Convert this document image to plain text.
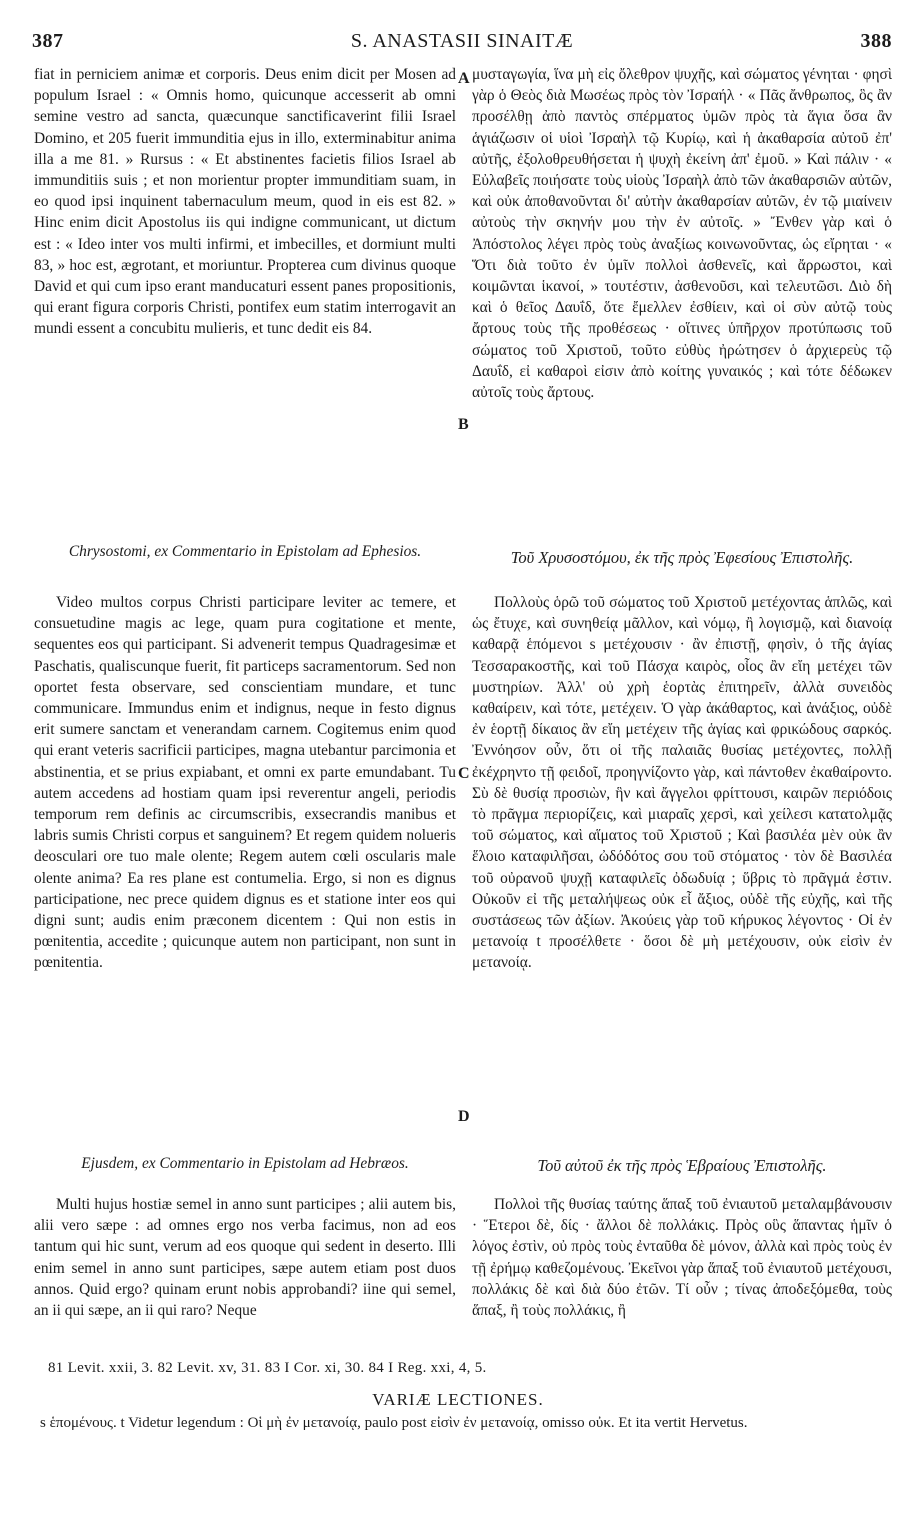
387	S. ANASTASII SINAITÆ	388

fiat in perniciem animæ et corporis. Deus enim dicit per Mosen ad populum Israel : « Omnis homo, quicunque accesserit ab omni semine vestro ad sancta, quæcunque sanctificaverint filii Israel Domino, et 205 fuerit immunditia ejus in illo, exterminabitur anima illa a me 81. » Rursus : « Et abstinentes facietis filios Israel ab immunditiis suis ; et non morientur propter immunditiam suam, in eo quod ipsi inquinent tabernaculum meum, quod in eis est 82. » Hinc enim dicit Apostolus iis qui indigne communicant, ut dictum est : « Ideo inter vos multi infirmi, et imbecilles, et dormiunt multi 83, » hoc est, ægrotant, et moriuntur. Propterea cum divinus quoque David et qui cum ipso erant manducaturi essent panes propositionis, qui erant figura corporis Christi, pontifex eum statim interrogavit an mundi essent a concubitu mulieris, et tunc dedit eis 84.

Chrysostomi, ex Commentario in Epistolam ad Ephesios.

Video multos corpus Christi participare leviter ac temere, et consuetudine magis ac lege, quam pura cogitatione et mente, sequentes eos qui participant. Si advenerit tempus Quadragesimæ et Paschatis, qualiscunque fuerit, fit particeps sacramentorum. Sed non oportet festa observare, sed conscientiam mundare, et tunc communicare. Immundus enim et indignus, neque in festo dignus erit sumere sanctam et venerandam carnem. Cogitemus enim quod qui erant veteris sacrificii participes, magna utebantur parcimonia et abstinentia, et se prius expiabant, et omni ex parte emundabant. Tu autem accedens ad hostiam quam ipsi reverentur angeli, periodis temporum rem definis ac circumscribis, exsecrandis manibus et labris sumis Christi corpus et sanguinem? Et regem quidem nolueris deosculari ore tuo male olente; Regem autem cœli oscularis male olente anima? Ea res plane est contumelia. Ergo, si non es dignus participatione, nec prece quidem dignus es et statione inter eos qui digni sunt; audis enim præconem dicentem : Qui non estis in pœnitentia, accedite ; quicunque autem non participant, non sunt in pœnitentia.

Ejusdem, ex Commentario in Epistolam ad Hebræos.

Multi hujus hostiæ semel in anno sunt participes ; alii autem bis, alii vero sæpe : ad omnes ergo nos verba facimus, non ad eos tantum qui hic sunt, verum ad eos quoque qui sedent in deserto. Illi enim semel in anno sunt participes, sæpe autem etiam post duos annos. Quid ergo? quinam erunt nobis approbandi? iine qui semel, an ii qui sæpe, an ii qui raro? Neque

A
B
C
D

μυσταγωγία, ἵνα μὴ εἰς ὄλεθρον ψυχῆς, καὶ σώματος γένηται · φησὶ γὰρ ὁ Θεὸς διὰ Μωσέως πρὸς τὸν Ἰσραήλ · « Πᾶς ἄνθρωπος, ὃς ἂν προσέλθῃ ἀπὸ παντὸς σπέρματος ὑμῶν πρὸς τὰ ἅγια ὅσα ἂν ἁγιάζωσιν οἱ υἱοὶ Ἰσραὴλ τῷ Κυρίῳ, καὶ ἡ ἀκαθαρσία αὐτοῦ ἐπ' αὐτῆς, ἐξολοθρευθήσεται ἡ ψυχὴ ἐκείνη ἀπ' ἐμοῦ. » Καὶ πάλιν · « Εὐλαβεῖς ποιήσατε τοὺς υἱοὺς Ἰσραὴλ ἀπὸ τῶν ἀκαθαρσιῶν αὐτῶν, καὶ οὐκ ἀποθανοῦνται δι' αὐτὴν ἀκαθαρσίαν αὐτῶν, ἐν τῷ μιαίνειν αὐτοὺς τὴν σκηνήν μου τὴν ἐν αὐτοῖς. » Ἔνθεν γὰρ καὶ ὁ Ἀπόστολος λέγει πρὸς τοὺς ἀναξίως κοινωνοῦντας, ὡς εἴρηται · « Ὅτι διὰ τοῦτο ἐν ὑμῖν πολλοὶ ἀσθενεῖς, καὶ ἄρρωστοι, καὶ κοιμῶνται ἱκανοί, » τουτέστιν, ἀσθενοῦσι, καὶ τελευτῶσι. Διὸ δὴ καὶ ὁ θεῖος Δαυΐδ, ὅτε ἔμελλεν ἐσθίειν, καὶ οἱ σὺν αὐτῷ τοὺς ἄρτους τοὺς τῆς προθέσεως · οἵτινες ὑπῆρχον προτύπωσις τοῦ σώματος τοῦ Χριστοῦ, τοῦτο εὐθὺς ἠρώτησεν ὁ ἀρχιερεὺς τῷ Δαυΐδ, εἰ καθαροὶ εἰσιν ἀπὸ κοίτης γυναικός ; καὶ τότε δέδωκεν αὐτοῖς τοὺς ἄρτους.

Τοῦ Χρυσοστόμου, ἐκ τῆς πρὸς Ἐφεσίους Ἐπιστολῆς.

Πολλοὺς ὁρῶ τοῦ σώματος τοῦ Χριστοῦ μετέχοντας ἁπλῶς, καὶ ὡς ἔτυχε, καὶ συνηθείᾳ μᾶλλον, καὶ νόμῳ, ἢ λογισμῷ, καὶ διανοίᾳ καθαρᾷ ἑπόμενοι s μετέχουσιν · ἂν ἐπιστῇ, φησὶν, ὁ τῆς ἁγίας Τεσσαρακοστῆς, καὶ τοῦ Πάσχα καιρὸς, οἷος ἂν εἴη μετέχει τῶν μυστηρίων. Ἀλλ' οὐ χρὴ ἑορτὰς ἐπιτηρεῖν, ἀλλὰ συνειδὸς καθαίρειν, καὶ τότε, μετέχειν. Ὁ γὰρ ἀκάθαρτος, καὶ ἀνάξιος, οὐδὲ ἐν ἑορτῇ δίκαιος ἂν εἴη μετέχειν τῆς ἁγίας καὶ φρικώδους σαρκός. Ἐννόησον οὖν, ὅτι οἱ τῆς παλαιᾶς θυσίας μετέχοντες, πολλῇ ἐκέχρηντο τῇ φειδοῖ, προηγνίζοντο γὰρ, καὶ πάντοθεν ἐκαθαίροντο. Σὺ δὲ θυσίᾳ προσιὼν, ἣν καὶ ἄγγελοι φρίττουσι, καιρῶν περιόδοις τὸ πρᾶγμα περιορίζεις, καὶ μιαραῖς χερσὶ, καὶ χείλεσι κατατολμᾷς τοῦ σώματος, καὶ αἵματος τοῦ Χριστοῦ ; Καὶ βασιλέα μὲν οὐκ ἂν ἕλοιο καταφιλῆσαι, ὠδόδότος σου τοῦ στόματος · τὸν δὲ Βασιλέα τοῦ οὐρανοῦ ψυχῇ καταφιλεῖς ὀδωδυίᾳ ; ὕβρις τὸ πρᾶγμά ἐστιν. Οὐκοῦν εἰ τῆς μεταλήψεως οὐκ εἶ ἄξιος, οὐδὲ τῆς εὐχῆς, καὶ τῆς συστάσεως τῶν ἀξίων. Ἀκούεις γὰρ τοῦ κήρυκος λέγοντος · Οἱ ἐν μετανοίᾳ t προσέλθετε · ὅσοι δὲ μὴ μετέχουσιν, οὐκ εἰσὶν ἐν μετανοίᾳ.

Τοῦ αὐτοῦ ἐκ τῆς πρὸς Ἑβραίους Ἐπιστολῆς.

Πολλοὶ τῆς θυσίας ταύτης ἅπαξ τοῦ ἐνιαυτοῦ μεταλαμβάνουσιν · Ἕτεροι δὲ, δίς · ἄλλοι δὲ πολλάκις. Πρὸς οὓς ἅπαντας ἡμῖν ὁ λόγος ἐστὶν, οὐ πρὸς τοὺς ἐνταῦθα δὲ μόνον, ἀλλὰ καὶ πρὸς τοὺς ἐν τῇ ἐρήμῳ καθεζομένους. Ἐκεῖνοι γὰρ ἅπαξ τοῦ ἐνιαυτοῦ μετέχουσι, πολλάκις δὲ καὶ διὰ δύο ἐτῶν. Τί οὖν ; τίνας ἀποδεξόμεθα, τοὺς ἅπαξ, ἢ τοὺς πολλάκις, ἢ

81 Levit. xxii, 3. 82 Levit. xv, 31. 83 I Cor. xi, 30. 84 I Reg. xxi, 4, 5.
VARIÆ LECTIONES.
s ἑπομένους. t Videtur legendum : Οἱ μὴ ἐν μετανοίᾳ, paulo post εἰσὶν ἐν μετανοίᾳ, omisso οὐκ. Et ita vertit Hervetus.
